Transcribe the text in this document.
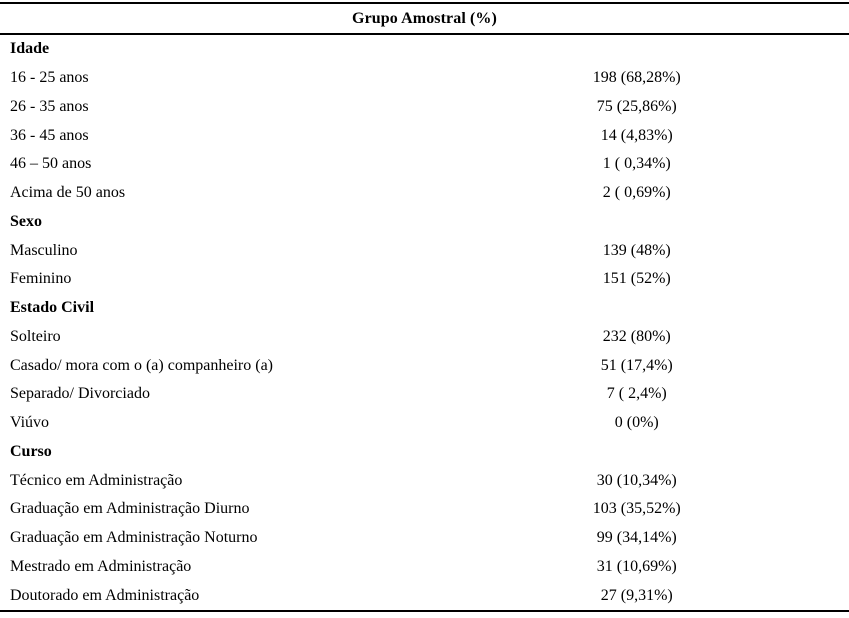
Grupo Amostral (%)
Idade
16 - 25 anos	198 (68,28%)
26 - 35 anos	75 (25,86%)
36 - 45 anos	14 (4,83%)
46 – 50 anos	1 ( 0,34%)
Acima de 50 anos	2 ( 0,69%)
Sexo
Masculino	139 (48%)
Feminino	151 (52%)
Estado Civil
Solteiro	232 (80%)
Casado/ mora com o (a) companheiro (a)	51 (17,4%)
Separado/ Divorciado	7 ( 2,4%)
Viúvo	0 (0%)
Curso
Técnico em Administração	30 (10,34%)
Graduação em Administração Diurno	103 (35,52%)
Graduação em Administração Noturno	99 (34,14%)
Mestrado em Administração	31 (10,69%)
Doutorado em Administração	27 (9,31%)
